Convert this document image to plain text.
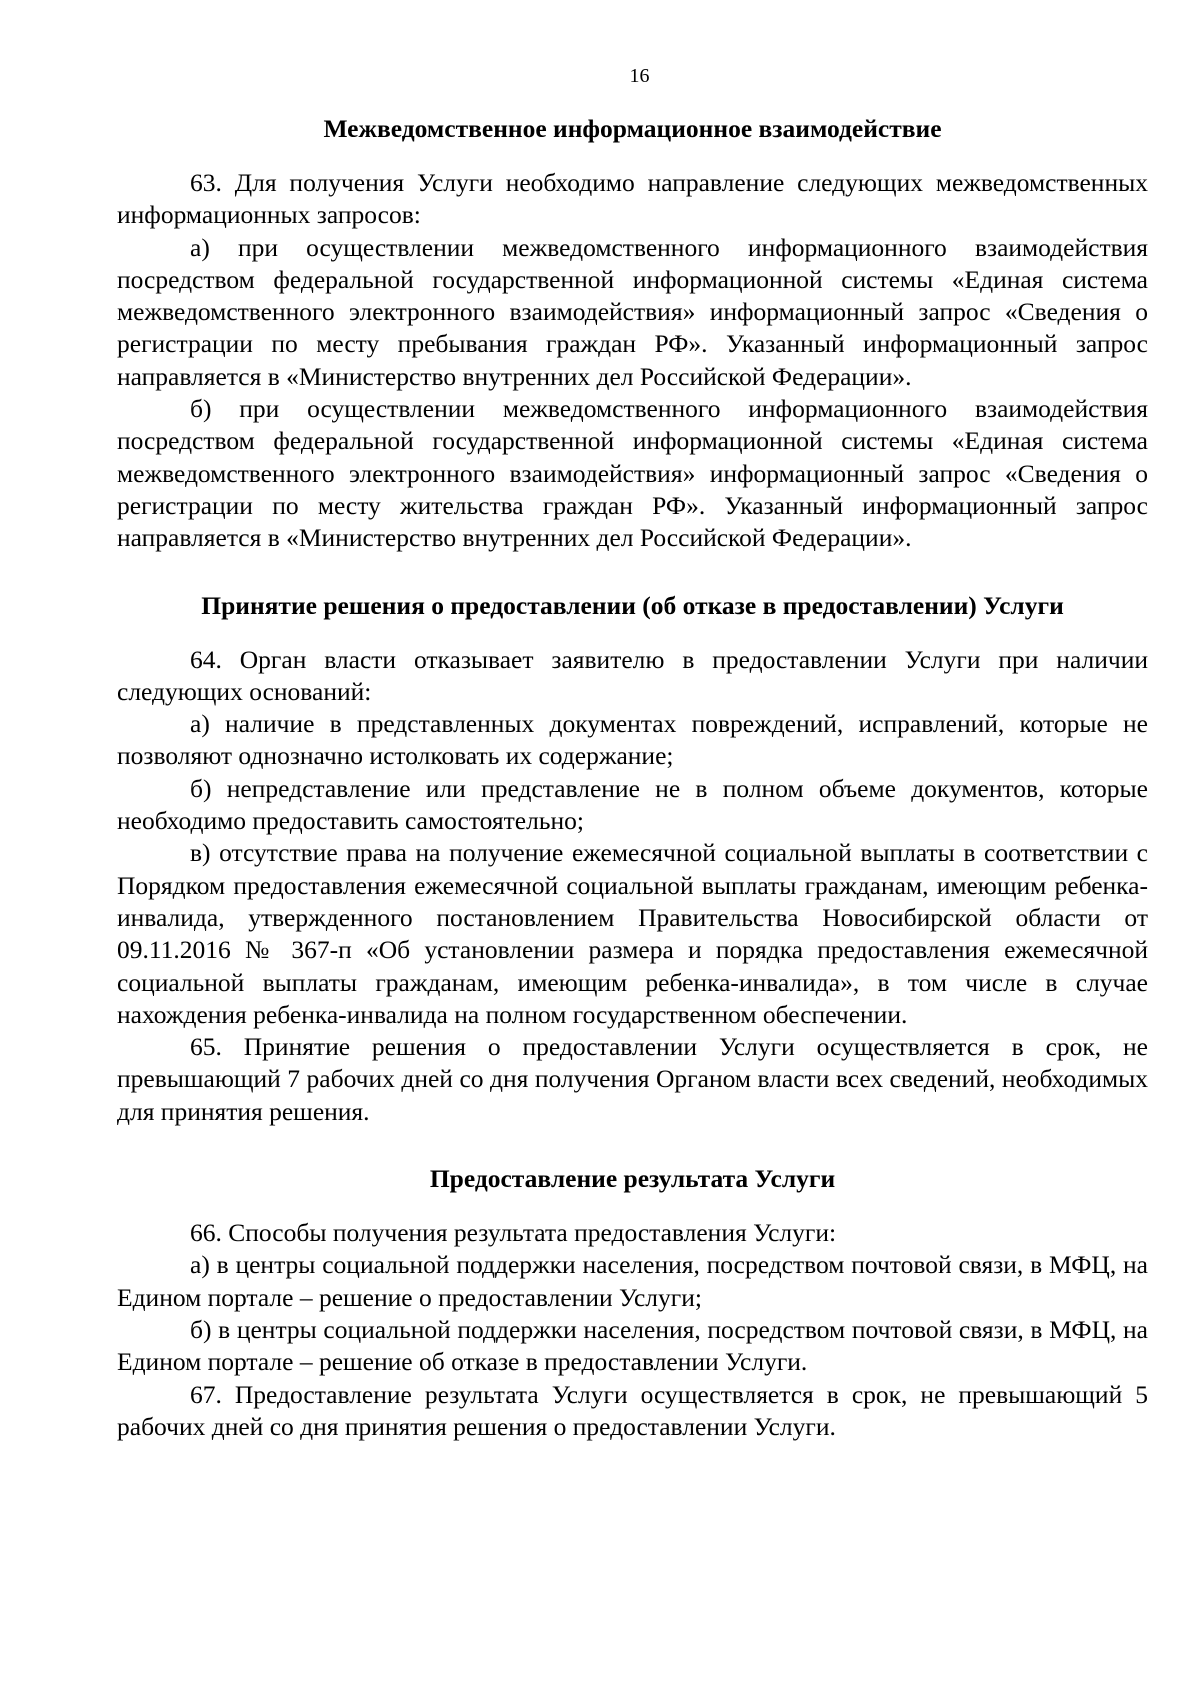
16
Межведомственное информационное взаимодействие

63. Для получения Услуги необходимо направление следующих межведомственных информационных запросов:

а) при осуществлении межведомственного информационного взаимодействия посредством федеральной государственной информационной системы «Единая система межведомственного электронного взаимодействия» информационный запрос «Сведения о регистрации по месту пребывания граждан РФ». Указанный информационный запрос направляется в «Министерство внутренних дел Российской Федерации».

б) при осуществлении межведомственного информационного взаимодействия посредством федеральной государственной информационной системы «Единая система межведомственного электронного взаимодействия» информационный запрос «Сведения о регистрации по месту жительства граждан РФ». Указанный информационный запрос направляется в «Министерство внутренних дел Российской Федерации».

Принятие решения о предоставлении (об отказе в предоставлении) Услуги

64. Орган власти отказывает заявителю в предоставлении Услуги при наличии следующих оснований:

а) наличие в представленных документах повреждений, исправлений, которые не позволяют однозначно истолковать их содержание;

б) непредставление или представление не в полном объеме документов, которые необходимо предоставить самостоятельно;

в) отсутствие права на получение ежемесячной социальной выплаты в соответствии с Порядком предоставления ежемесячной социальной выплаты гражданам, имеющим ребенка-инвалида, утвержденного постановлением Правительства Новосибирской области от 09.11.2016 № 367-п «Об установлении размера и порядка предоставления ежемесячной социальной выплаты гражданам, имеющим ребенка-инвалида», в том числе в случае нахождения ребенка-инвалида на полном государственном обеспечении.

65. Принятие решения о предоставлении Услуги осуществляется в срок, не превышающий 7 рабочих дней со дня получения Органом власти всех сведений, необходимых для принятия решения.

Предоставление результата Услуги

66. Способы получения результата предоставления Услуги:

а) в центры социальной поддержки населения, посредством почтовой связи, в МФЦ, на Едином портале – решение о предоставлении Услуги;

б) в центры социальной поддержки населения, посредством почтовой связи, в МФЦ, на Едином портале – решение об отказе в предоставлении Услуги.

67. Предоставление результата Услуги осуществляется в срок, не превышающий 5 рабочих дней со дня принятия решения о предоставлении Услуги.
